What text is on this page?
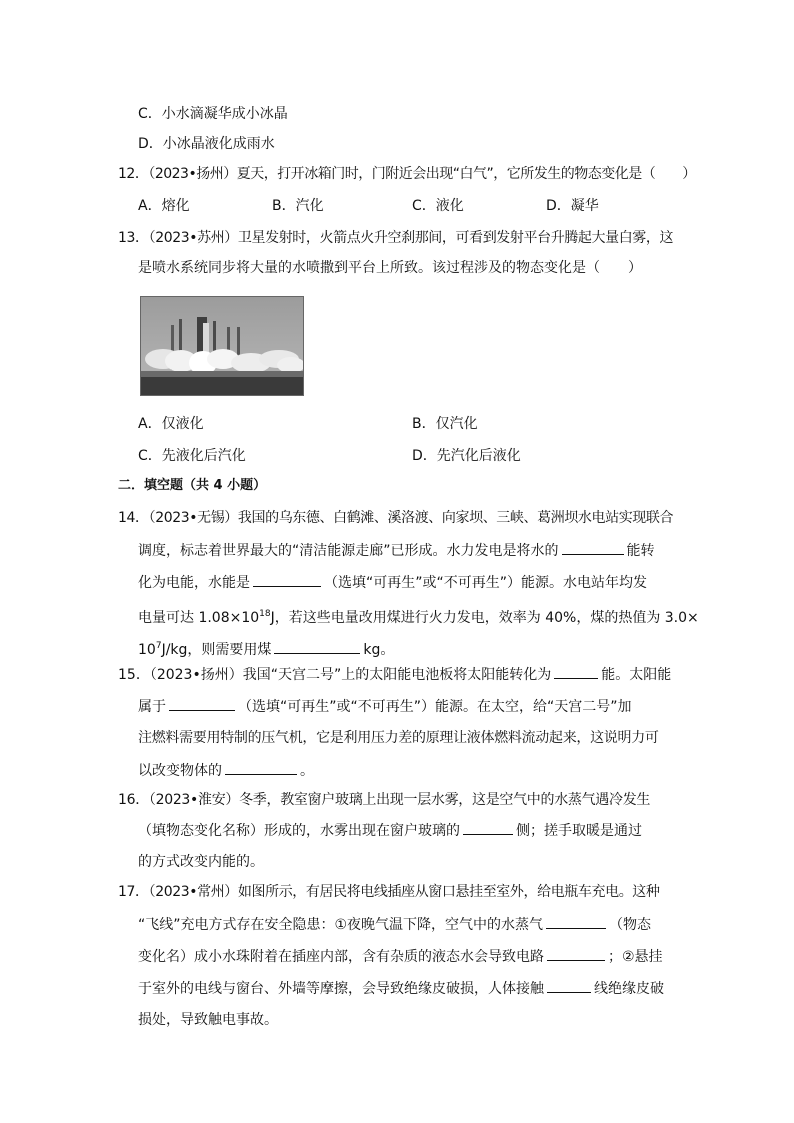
C．小水滴凝华成小冰晶
D．小冰晶液化成雨水
12．（2023•扬州）夏天，打开冰箱门时，门附近会出现“白气”，它所发生的物态变化是（　　）
A．熔化	B．汽化	C．液化	D．凝华
13．（2023•苏州）卫星发射时，火箭点火升空刹那间，可看到发射平台升腾起大量白雾，这
是喷水系统同步将大量的水喷撒到平台上所致。该过程涉及的物态变化是（　　）
A．仅液化	B．仅汽化
C．先液化后汽化	D．先汽化后液化
二．填空题（共 4 小题）
14．（2023•无锡）我国的乌东德、白鹤滩、溪洛渡、向家坝、三峡、葛洲坝水电站实现联合
调度，标志着世界最大的“清洁能源走廊”已形成。水力发电是将水的	能转
化为电能，水能是	（选填“可再生”或“不可再生”）能源。水电站年均发
电量可达 $1.08\times 10^{18}J$，若这些电量改用煤进行火力发电，效率为 40%，煤的热值为 3.0×
$10^7J/kg$，则需要用煤	kg。
15．（2023•扬州）我国“天宫二号”上的太阳能电池板将太阳能转化为	能。太阳能
属于	（选填“可再生”或“不可再生”）能源。在太空，给“天宫二号”加
注燃料需要用特制的压气机，它是利用压力差的原理让液体燃料流动起来，这说明力可
以改变物体的	。
16．（2023•淮安）冬季，教室窗户玻璃上出现一层水雾，这是空气中的水蒸气遇冷发生
（填物态变化名称）形成的，水雾出现在窗户玻璃的	侧；搓手取暖是通过
的方式改变内能的。
17．（2023•常州）如图所示，有居民将电线插座从窗口悬挂至室外，给电瓶车充电。这种
“飞线”充电方式存在安全隐患：①夜晚气温下降，空气中的水蒸气	（物态
变化名）成小水珠附着在插座内部，含有杂质的液态水会导致电路	；②悬挂
于室外的电线与窗台、外墙等摩擦，会导致绝缘皮破损，人体接触	线绝缘皮破
损处，导致触电事故。
